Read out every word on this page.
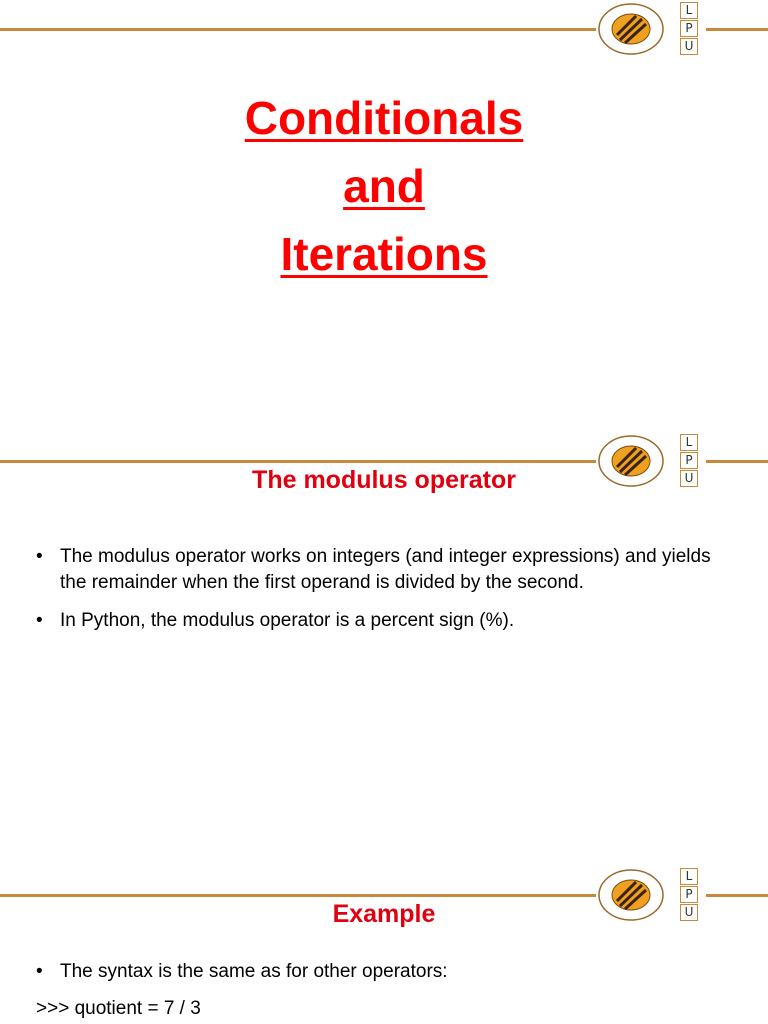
L
P
U
Conditionals
and
Iterations
L
P
U
The modulus operator
• The modulus operator works on integers (and integer expressions) and yields the remainder when the first operand is divided by the second.
• In Python, the modulus operator is a percent sign (%).
L
P
U
Example
• The syntax is the same as for other operators:
>>> quotient = 7 / 3
